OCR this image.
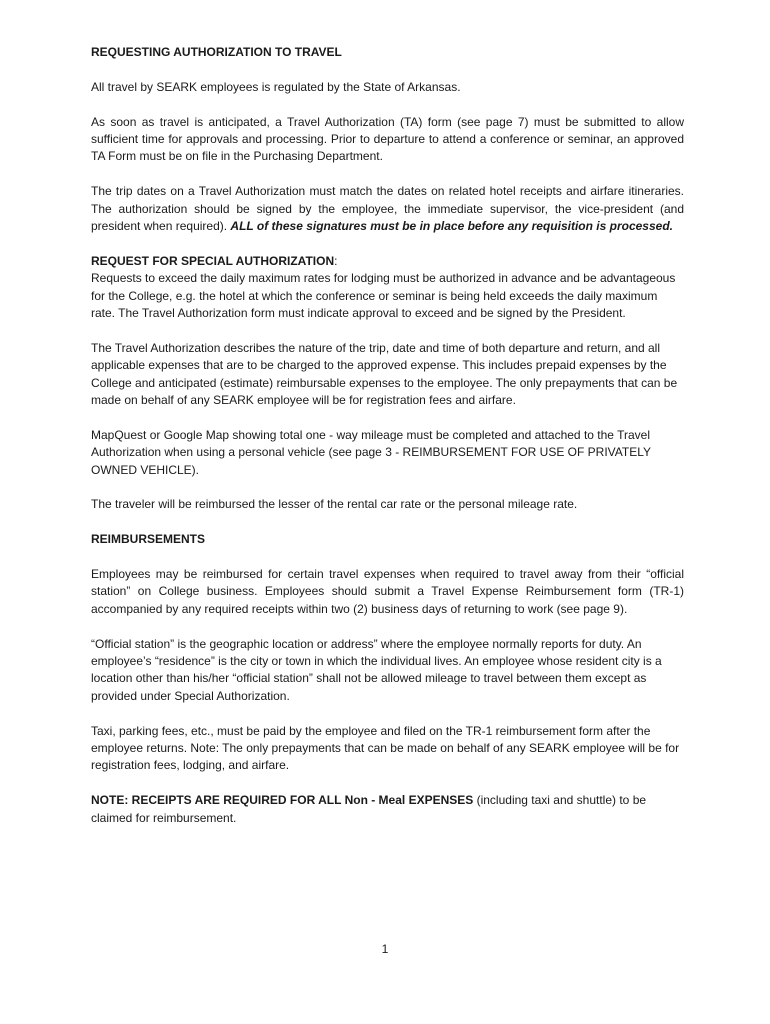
REQUESTING AUTHORIZATION TO TRAVEL

All travel by SEARK employees is regulated by the State of Arkansas.

As soon as travel is anticipated, a Travel Authorization (TA) form (see page 7) must be submitted to allow sufficient time for approvals and processing. Prior to departure to attend a conference or seminar, an approved TA Form must be on file in the Purchasing Department.

The trip dates on a Travel Authorization must match the dates on related hotel receipts and airfare itineraries. The authorization should be signed by the employee, the immediate supervisor, the vice-president (and president when required). ALL of these signatures must be in place before any requisition is processed.

REQUEST FOR SPECIAL AUTHORIZATION:

Requests to exceed the daily maximum rates for lodging must be authorized in advance and be advantageous for the College, e.g. the hotel at which the conference or seminar is being held exceeds the daily maximum rate. The Travel Authorization form must indicate approval to exceed and be signed by the President.

The Travel Authorization describes the nature of the trip, date and time of both departure and return, and all applicable expenses that are to be charged to the approved expense. This includes prepaid expenses by the College and anticipated (estimate) reimbursable expenses to the employee. The only prepayments that can be made on behalf of any SEARK employee will be for registration fees and airfare.

MapQuest or Google Map showing total one - way mileage must be completed and attached to the Travel Authorization when using a personal vehicle (see page 3 - REIMBURSEMENT FOR USE OF PRIVATELY OWNED VEHICLE).

The traveler will be reimbursed the lesser of the rental car rate or the personal mileage rate.

REIMBURSEMENTS

Employees may be reimbursed for certain travel expenses when required to travel away from their “official station” on College business. Employees should submit a Travel Expense Reimbursement form (TR-1) accompanied by any required receipts within two (2) business days of returning to work (see page 9).

“Official station” is the geographic location or address” where the employee normally reports for duty. An employee’s “residence” is the city or town in which the individual lives. An employee whose resident city is a location other than his/her “official station” shall not be allowed mileage to travel between them except as provided under Special Authorization.

Taxi, parking fees, etc., must be paid by the employee and filed on the TR-1 reimbursement form after the employee returns. Note: The only prepayments that can be made on behalf of any SEARK employee will be for registration fees, lodging, and airfare.

NOTE: RECEIPTS ARE REQUIRED FOR ALL Non - Meal EXPENSES (including taxi and shuttle) to be claimed for reimbursement.

1
